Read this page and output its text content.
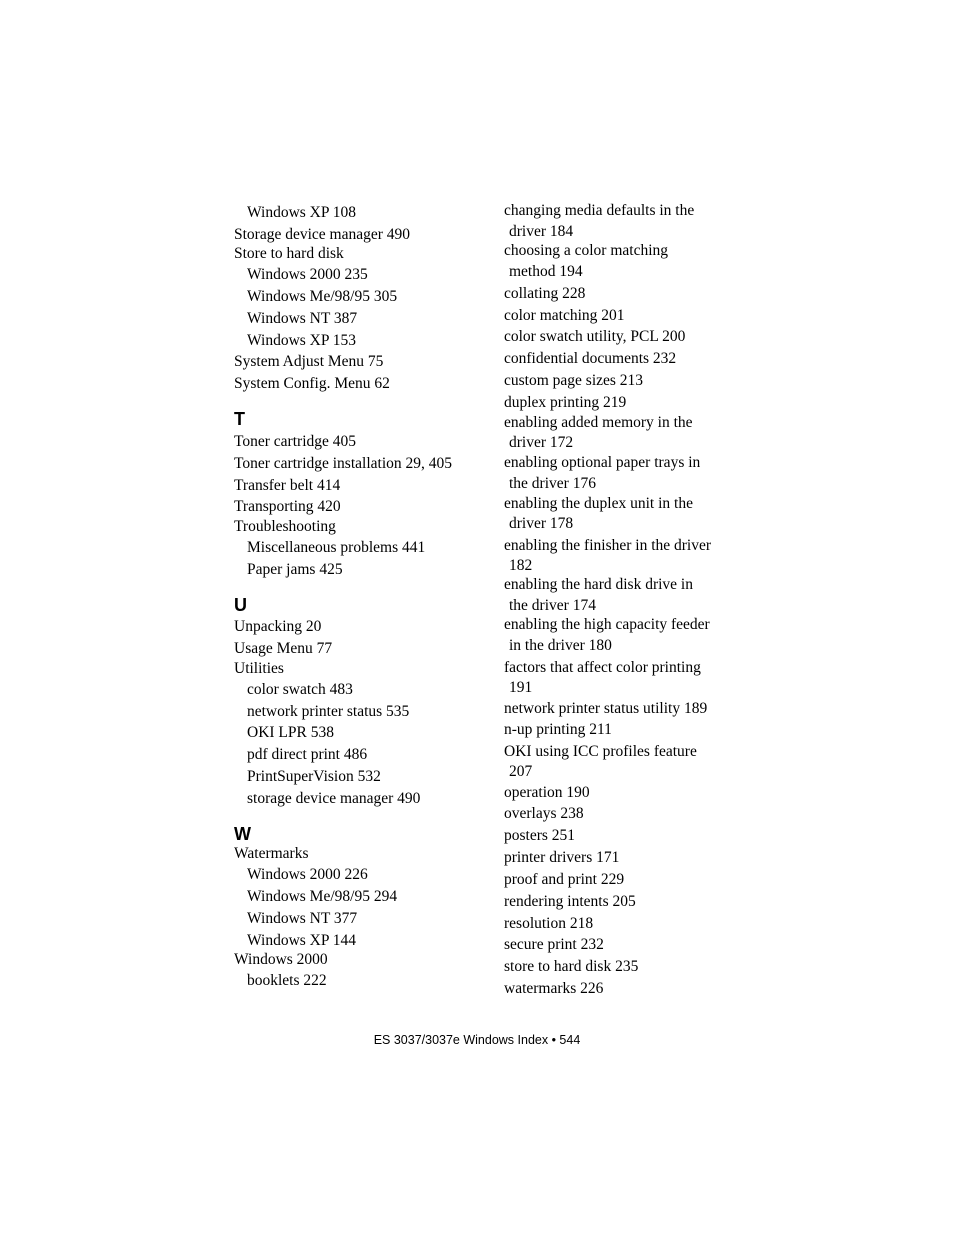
Windows XP 108
Storage device manager 490
Store to hard disk
Windows 2000 235
Windows Me/98/95 305
Windows NT 387
Windows XP 153
System Adjust Menu 75
System Config. Menu 62
T
Toner cartridge 405
Toner cartridge installation 29, 405
Transfer belt 414
Transporting 420
Troubleshooting
Miscellaneous problems 441
Paper jams 425
U
Unpacking 20
Usage Menu 77
Utilities
color swatch 483
network printer status 535
OKI LPR 538
pdf direct print 486
PrintSuperVision 532
storage device manager 490
W
Watermarks
Windows 2000 226
Windows Me/98/95 294
Windows NT 377
Windows XP 144
Windows 2000
booklets 222
changing media defaults in the
driver 184
choosing a color matching
method 194
collating 228
color matching 201
color swatch utility, PCL 200
confidential documents 232
custom page sizes 213
duplex printing 219
enabling added memory in the
driver 172
enabling optional paper trays in
the driver 176
enabling the duplex unit in the
driver 178
enabling the finisher in the driver
182
enabling the hard disk drive in
the driver 174
enabling the high capacity feeder
in the driver 180
factors that affect color printing
191
network printer status utility 189
n-up printing 211
OKI using ICC profiles feature
207
operation 190
overlays 238
posters 251
printer drivers 171
proof and print 229
rendering intents 205
resolution 218
secure print 232
store to hard disk 235
watermarks 226
ES 3037/3037e Windows Index • 544
